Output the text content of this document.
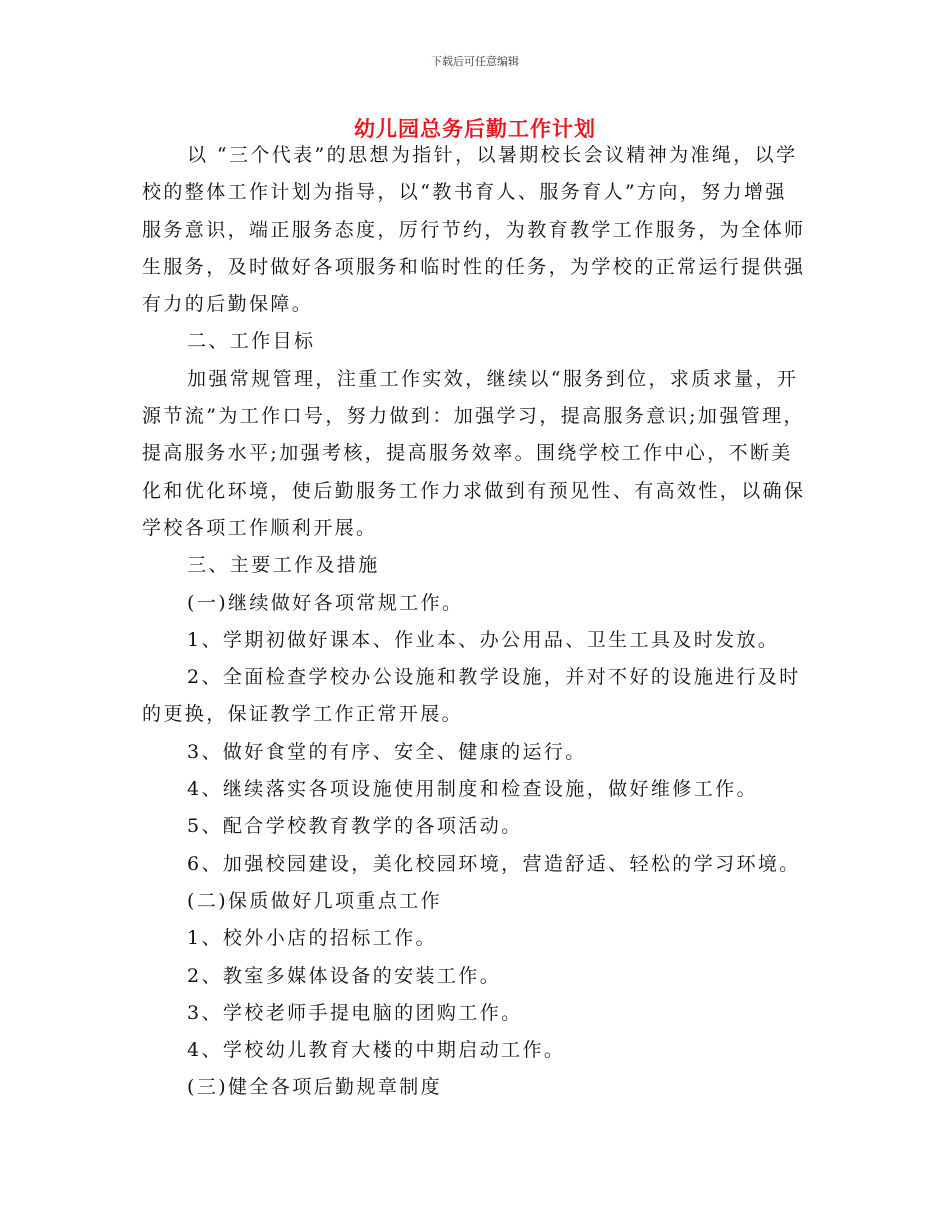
下载后可任意编辑
幼儿园总务后勤工作计划

以 “三个代表”的思想为指针，以暑期校长会议精神为准绳，以学校的整体工作计划为指导，以“教书育人、服务育人”方向，努力增强服务意识，端正服务态度，厉行节约，为教育教学工作服务，为全体师生服务，及时做好各项服务和临时性的任务，为学校的正常运行提供强有力的后勤保障。

二、工作目标

加强常规管理，注重工作实效，继续以“服务到位，求质求量，开源节流”为工作口号，努力做到：加强学习，提高服务意识;加强管理，提高服务水平;加强考核，提高服务效率。围绕学校工作中心，不断美化和优化环境，使后勤服务工作力求做到有预见性、有高效性，以确保学校各项工作顺利开展。

三、主要工作及措施

(一)继续做好各项常规工作。

1、学期初做好课本、作业本、办公用品、卫生工具及时发放。

2、全面检查学校办公设施和教学设施，并对不好的设施进行及时的更换，保证教学工作正常开展。

3、做好食堂的有序、安全、健康的运行。

4、继续落实各项设施使用制度和检查设施，做好维修工作。

5、配合学校教育教学的各项活动。

6、加强校园建设，美化校园环境，营造舒适、轻松的学习环境。

(二)保质做好几项重点工作

1、校外小店的招标工作。

2、教室多媒体设备的安装工作。

3、学校老师手提电脑的团购工作。

4、学校幼儿教育大楼的中期启动工作。

(三)健全各项后勤规章制度
